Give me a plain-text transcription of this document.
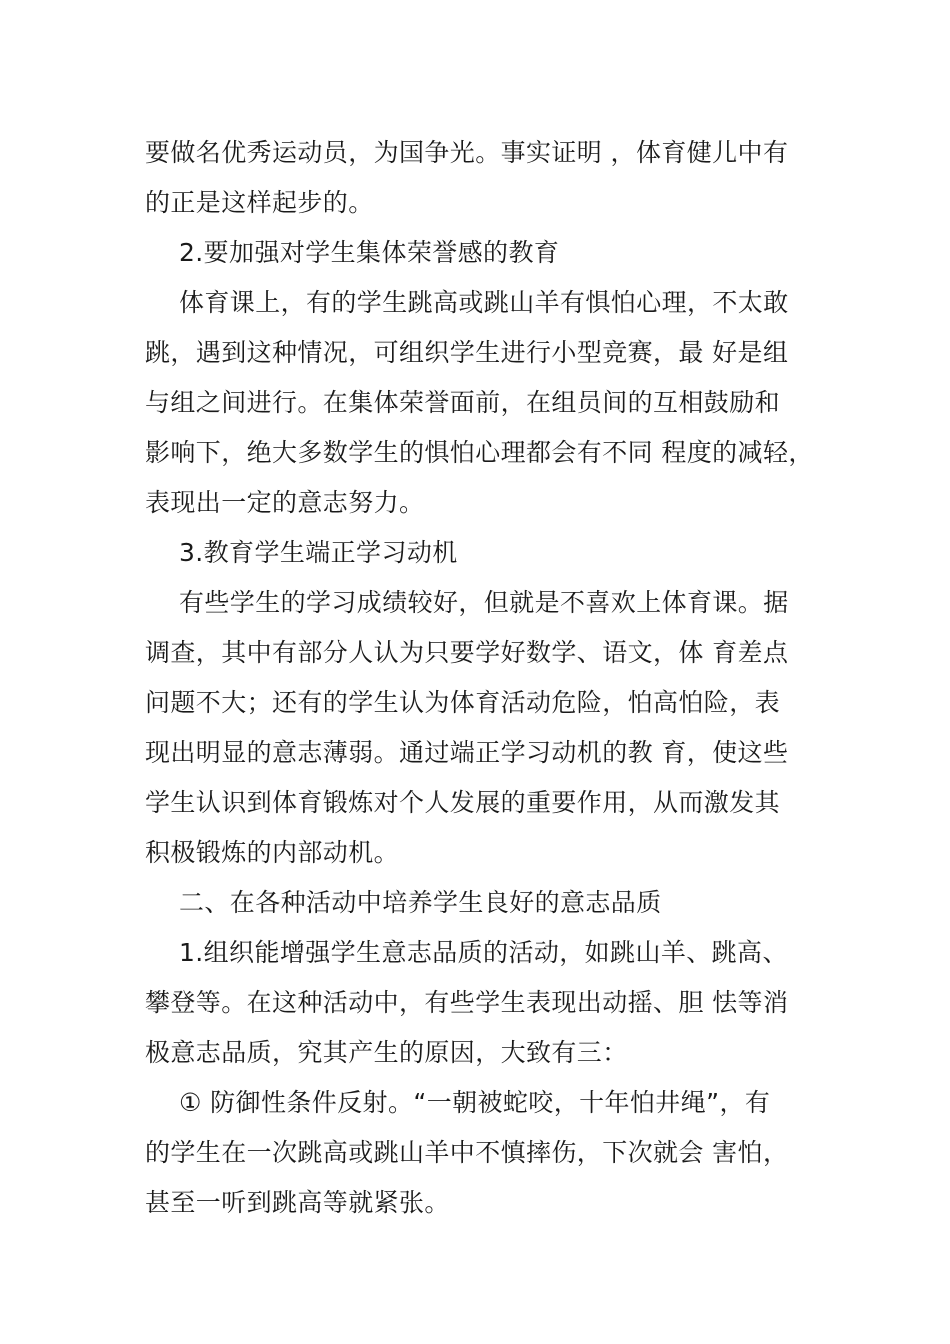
要做名优秀运动员，为国争光。事实证明 ，体育健儿中有
的正是这样起步的。
2.要加强对学生集体荣誉感的教育
体育课上，有的学生跳高或跳山羊有惧怕心理，不太敢
跳，遇到这种情况，可组织学生进行小型竞赛，最 好是组
与组之间进行。在集体荣誉面前，在组员间的互相鼓励和
影响下，绝大多数学生的惧怕心理都会有不同 程度的减轻，
表现出一定的意志努力。
3.教育学生端正学习动机
有些学生的学习成绩较好，但就是不喜欢上体育课。据
调查，其中有部分人认为只要学好数学、语文，体 育差点
问题不大；还有的学生认为体育活动危险，怕高怕险，表
现出明显的意志薄弱。通过端正学习动机的教 育，使这些
学生认识到体育锻炼对个人发展的重要作用，从而激发其
积极锻炼的内部动机。
二、在各种活动中培养学生良好的意志品质
1.组织能增强学生意志品质的活动，如跳山羊、跳高、
攀登等。在这种活动中，有些学生表现出动摇、胆 怯等消
极意志品质，究其产生的原因，大致有三：
① 防御性条件反射。“一朝被蛇咬，十年怕井绳”，有
的学生在一次跳高或跳山羊中不慎摔伤，下次就会 害怕，
甚至一听到跳高等就紧张。
